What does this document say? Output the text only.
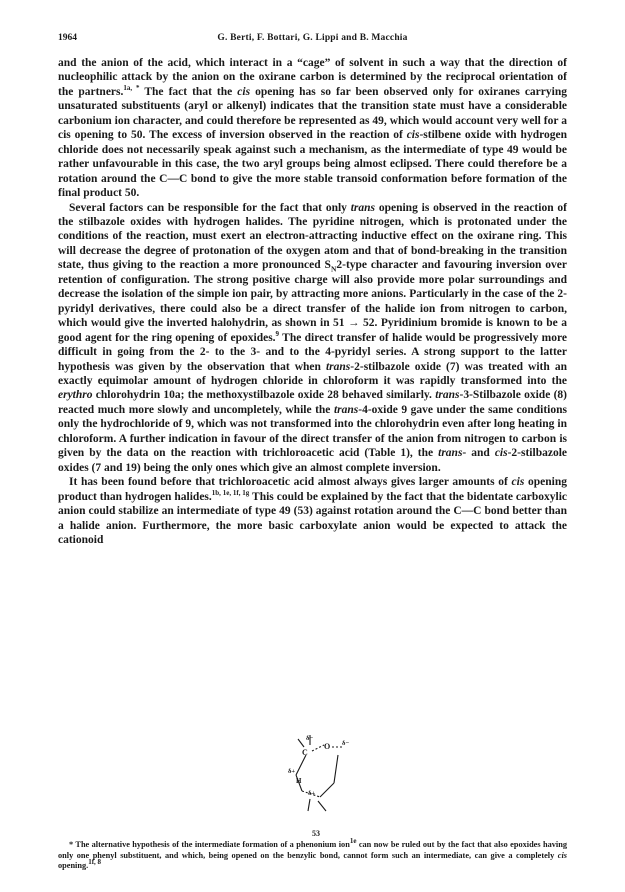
1964	G. Berti, F. Bottari, G. Lippi and B. Macchia

and the anion of the acid, which interact in a “cage” of solvent in such a way that the direction of nucleophilic attack by the anion on the oxirane carbon is determined by the reciprocal orientation of the partners.$^{1a, *}$ The fact that the cis opening has so far been observed only for oxiranes carrying unsaturated substituents (aryl or alkenyl) indicates that the transition state must have a considerable carbonium ion character, and could therefore be represented as 49, which would account very well for a cis opening to 50. The excess of inversion observed in the reaction of cis-stilbene oxide with hydrogen chloride does not necessarily speak against such a mechanism, as the intermediate of type 49 would be rather unfavourable in this case, the two aryl groups being almost eclipsed. There could therefore be a rotation around the C—C bond to give the more stable transoid conformation before formation of the final product 50.

Several factors can be responsible for the fact that only trans opening is observed in the reaction of the stilbazole oxides with hydrogen halides. The pyridine nitrogen, which is protonated under the conditions of the reaction, must exert an electron-attracting inductive effect on the oxirane ring. This will decrease the degree of protonation of the oxygen atom and that of bond-breaking in the transition state, thus giving to the reaction a more pronounced $S_N2$-type character and favouring inversion over retention of configuration. The strong positive charge will also provide more polar surroundings and decrease the isolation of the simple ion pair, by attracting more anions. Particularly in the case of the 2-pyridyl derivatives, there could also be a direct transfer of the halide ion from nitrogen to carbon, which would give the inverted halohydrin, as shown in 51 → 52. Pyridinium bromide is known to be a good agent for the ring opening of epoxides.$^9$ The direct transfer of halide would be progressively more difficult in going from the 2- to the 3- and to the 4-pyridyl series. A strong support to the latter hypothesis was given by the observation that when trans-2-stilbazole oxide (7) was treated with an exactly equimolar amount of hydrogen chloride in chloroform it was rapidly transformed into the erythro chlorohydrin 10a; the methoxystilbazole oxide 28 behaved similarly. trans-3-Stilbazole oxide (8) reacted much more slowly and uncompletely, while the trans-4-oxide 9 gave under the same conditions only the hydrochloride of 9, which was not transformed into the chlorohydrin even after long heating in chloroform. A further indication in favour of the direct transfer of the anion from nitrogen to carbon is given by the data on the reaction with trichloroacetic acid (Table 1), the trans- and cis-2-stilbazole oxides (7 and 19) being the only ones which give an almost complete inversion.

It has been found before that trichloroacetic acid almost always gives larger amounts of cis opening product than hydrogen halides.$^{1b, 1e, 1f, 1g}$ This could be explained by the fact that the bidentate carboxylic anion could stabilize an intermediate of type 49 (53) against rotation around the C—C bond better than a halide anion. Furthermore, the more basic carboxylate anion would be expected to attack the cationoid

δ−
C
O δ−
δ+
H
δ+
53
* The alternative hypothesis of the intermediate formation of a phenonium ion$^{1e}$ can now be ruled out by the fact that also epoxides having only one phenyl substituent, and which, being opened on the benzylic bond, cannot form such an intermediate, can give a completely cis opening.$^{1f, 8}$
